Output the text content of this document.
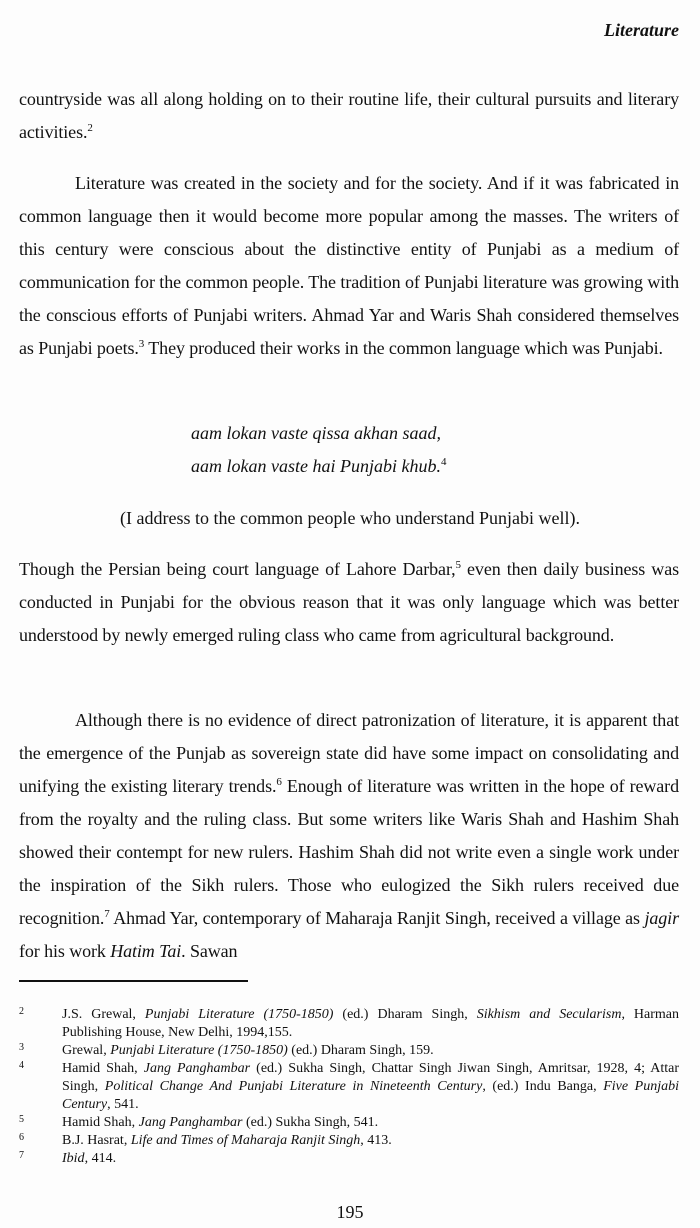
Literature

countryside was all along holding on to their routine life, their cultural pursuits and literary activities.$^2$

Literature was created in the society and for the society. And if it was fabricated in common language then it would become more popular among the masses. The writers of this century were conscious about the distinctive entity of Punjabi as a medium of communication for the common people. The tradition of Punjabi literature was growing with the conscious efforts of Punjabi writers. Ahmad Yar and Waris Shah considered themselves as Punjabi poets.$^3$ They produced their works in the common language which was Punjabi.

aam lokan vaste qissa akhan saad,
aam lokan vaste hai Punjabi khub.$^4$
(I address to the common people who understand Punjabi well).

Though the Persian being court language of Lahore Darbar,$^5$ even then daily business was conducted in Punjabi for the obvious reason that it was only language which was better understood by newly emerged ruling class who came from agricultural background.

Although there is no evidence of direct patronization of literature, it is apparent that the emergence of the Punjab as sovereign state did have some impact on consolidating and unifying the existing literary trends.$^6$ Enough of literature was written in the hope of reward from the royalty and the ruling class. But some writers like Waris Shah and Hashim Shah showed their contempt for new rulers. Hashim Shah did not write even a single work under the inspiration of the Sikh rulers. Those who eulogized the Sikh rulers received due recognition.$^7$ Ahmad Yar, contemporary of Maharaja Ranjit Singh, received a village as jagir for his work Hatim Tai. Sawan

2	J.S. Grewal, Punjabi Literature (1750-1850) (ed.) Dharam Singh, Sikhism and Secularism, Harman Publishing House, New Delhi, 1994,155.
3	Grewal, Punjabi Literature (1750-1850) (ed.) Dharam Singh, 159.
4	Hamid Shah, Jang Panghambar (ed.) Sukha Singh, Chattar Singh Jiwan Singh, Amritsar, 1928, 4; Attar Singh, Political Change And Punjabi Literature in Nineteenth Century, (ed.) Indu Banga, Five Punjabi Century, 541.
5	Hamid Shah, Jang Panghambar (ed.) Sukha Singh, 541.
6	B.J. Hasrat, Life and Times of Maharaja Ranjit Singh, 413.
7	Ibid, 414.
195
